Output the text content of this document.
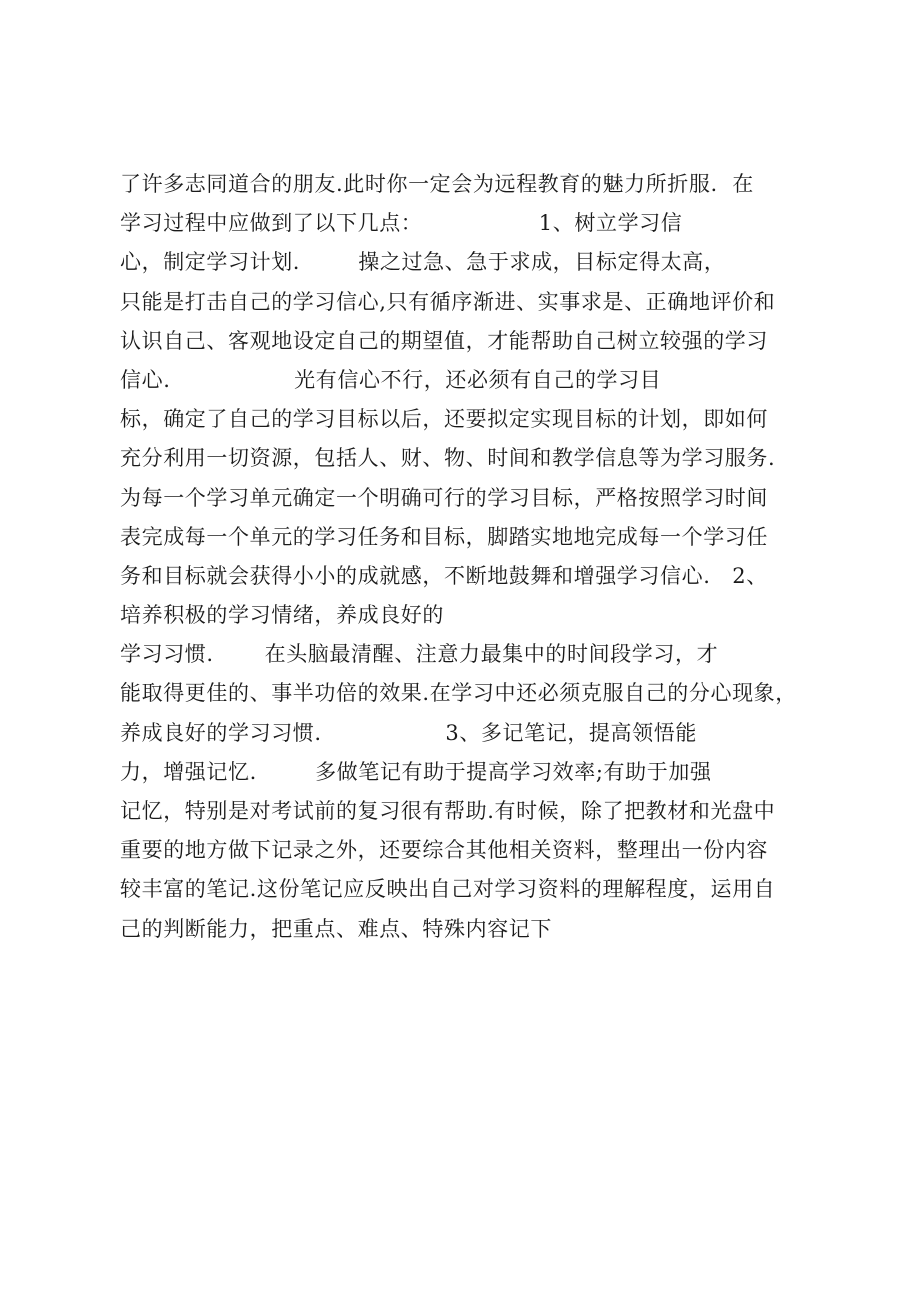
了许多志同道合的朋友.此时你一定会为远程教育的魅力所折服.  在
学习过程中应做到了以下几点：                1、树立学习信
心，制定学习计划.        操之过急、急于求成，目标定得太高，
只能是打击自己的学习信心,只有循序渐进、实事求是、正确地评价和
认识自己、客观地设定自己的期望值，才能帮助自己树立较强的学习
信心.                 光有信心不行，还必须有自己的学习目
标，确定了自己的学习目标以后，还要拟定实现目标的计划，即如何
充分利用一切资源，包括人、财、物、时间和教学信息等为学习服务.
为每一个学习单元确定一个明确可行的学习目标，严格按照学习时间
表完成每一个单元的学习任务和目标，脚踏实地地完成每一个学习任
务和目标就会获得小小的成就感，不断地鼓舞和增强学习信心.   2、
培养积极的学习情绪，养成良好的
学习习惯.       在头脑最清醒、注意力最集中的时间段学习，才
能取得更佳的、事半功倍的效果.在学习中还必须克服自己的分心现象，
养成良好的学习习惯.                 3、多记笔记，提高领悟能
力，增强记忆.        多做笔记有助于提高学习效率;有助于加强
记忆，特别是对考试前的复习很有帮助.有时候，除了把教材和光盘中
重要的地方做下记录之外，还要综合其他相关资料，整理出一份内容
较丰富的笔记.这份笔记应反映出自己对学习资料的理解程度，运用自
己的判断能力，把重点、难点、特殊内容记下
